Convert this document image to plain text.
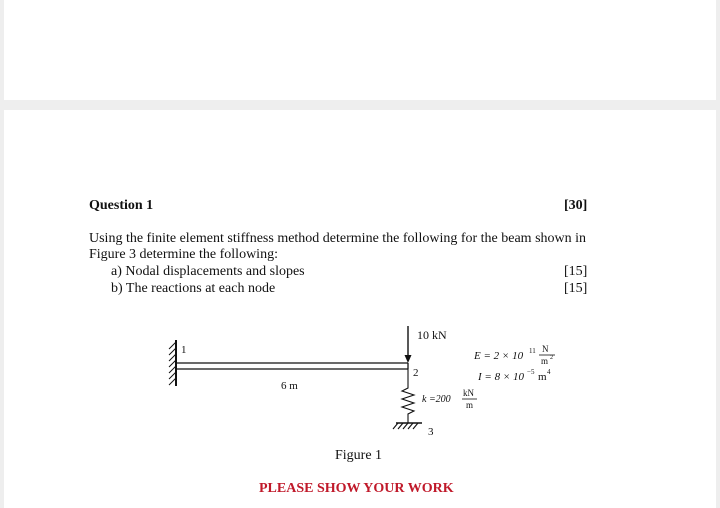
Question 1	[30]
Using the finite element stiffness method determine the following for the beam shown in
Figure 3 determine the following:
a) Nodal displacements and slopes	[15]
b) The reactions at each node	[15]
10 kN
1
2
3
6 m
k =200
kN
m
E = 2 × 10 11 N
m 2
I = 8 × 10 −5 m 4
Figure 1
PLEASE SHOW YOUR WORK
